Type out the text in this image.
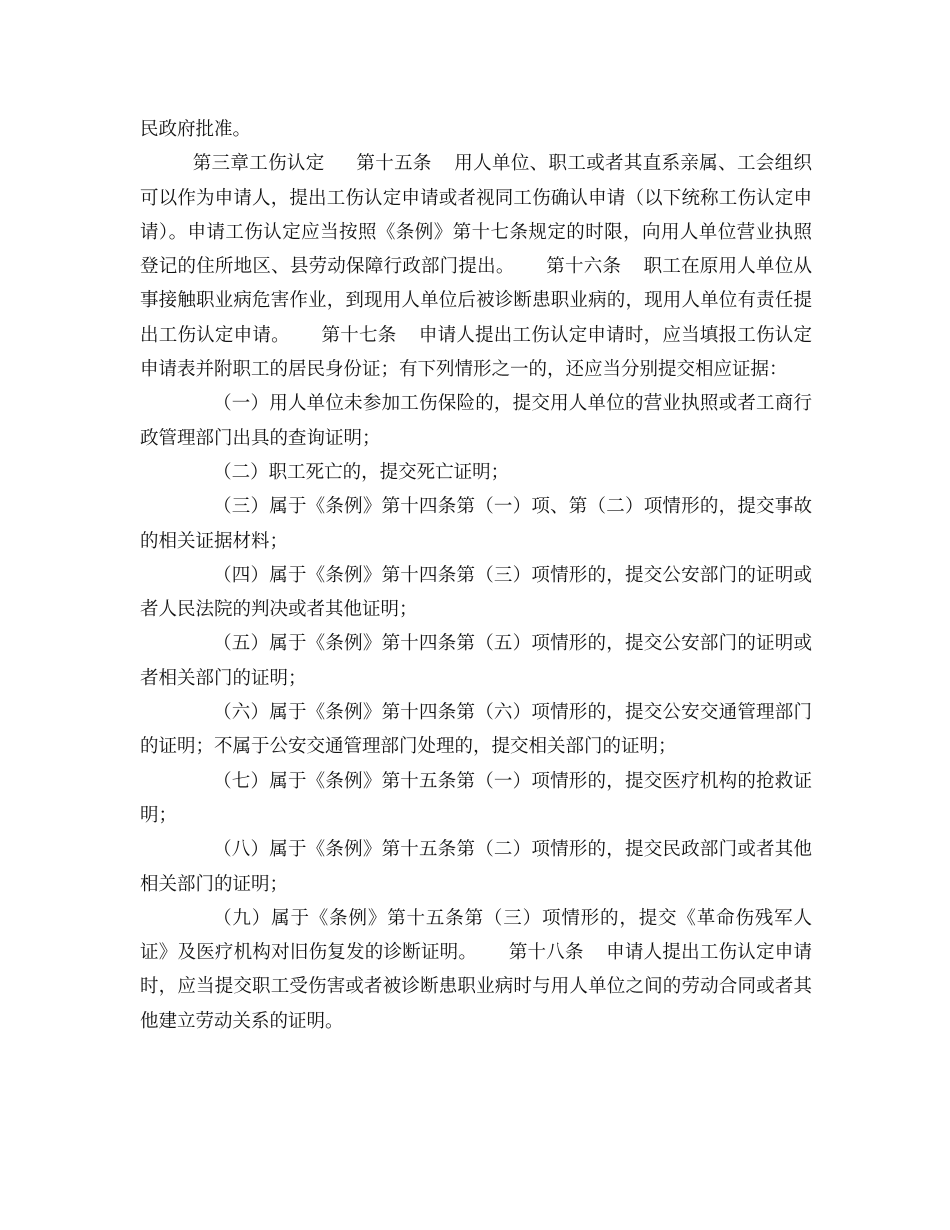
民政府批准。

第三章工伤认定 第十五条 用人单位、职工或者其直系亲属、工会组织可以作为申请人，提出工伤认定申请或者视同工伤确认申请（以下统称工伤认定申请）。申请工伤认定应当按照《条例》第十七条规定的时限，向用人单位营业执照登记的住所地区、县劳动保障行政部门提出。 第十六条 职工在原用人单位从事接触职业病危害作业，到现用人单位后被诊断患职业病的，现用人单位有责任提出工伤认定申请。 第十七条 申请人提出工伤认定申请时，应当填报工伤认定申请表并附职工的居民身份证；有下列情形之一的，还应当分别提交相应证据：

（一）用人单位未参加工伤保险的，提交用人单位的营业执照或者工商行政管理部门出具的查询证明；

（二）职工死亡的，提交死亡证明；

（三）属于《条例》第十四条第（一）项、第（二）项情形的，提交事故的相关证据材料；

（四）属于《条例》第十四条第（三）项情形的，提交公安部门的证明或者人民法院的判决或者其他证明；

（五）属于《条例》第十四条第（五）项情形的，提交公安部门的证明或者相关部门的证明；

（六）属于《条例》第十四条第（六）项情形的，提交公安交通管理部门的证明；不属于公安交通管理部门处理的，提交相关部门的证明；

（七）属于《条例》第十五条第（一）项情形的，提交医疗机构的抢救证明；

（八）属于《条例》第十五条第（二）项情形的，提交民政部门或者其他相关部门的证明；

（九）属于《条例》第十五条第（三）项情形的，提交《革命伤残军人证》及医疗机构对旧伤复发的诊断证明。 第十八条 申请人提出工伤认定申请时，应当提交职工受伤害或者被诊断患职业病时与用人单位之间的劳动合同或者其他建立劳动关系的证明。
